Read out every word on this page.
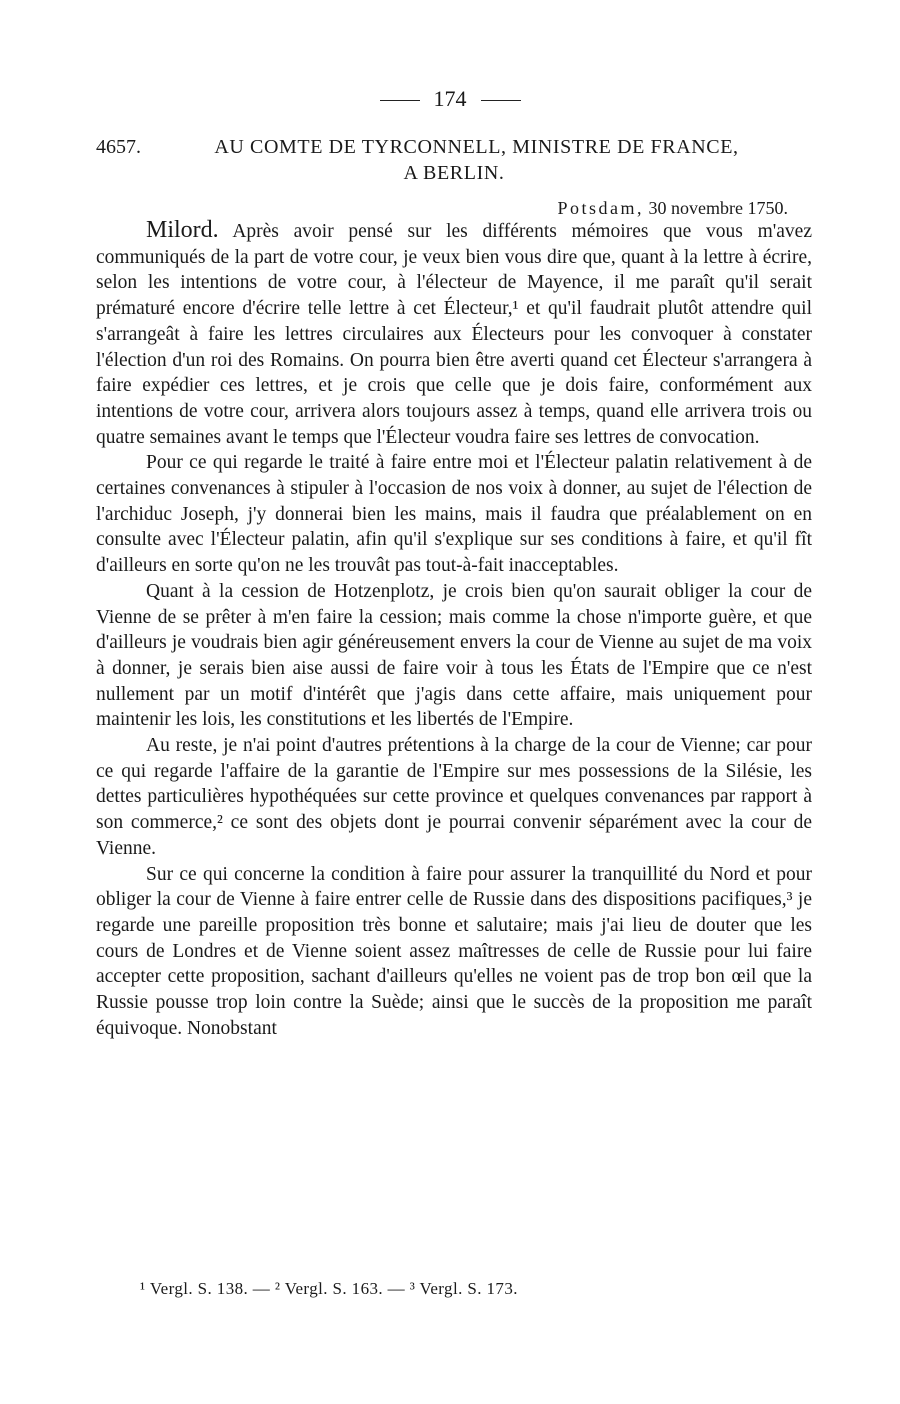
174
4657.	AU COMTE DE TYRCONNELL, MINISTRE DE FRANCE,
A BERLIN.
Potsdam, 30 novembre 1750.

Milord. Après avoir pensé sur les différents mémoires que vous m'avez communiqués de la part de votre cour, je veux bien vous dire que, quant à la lettre à écrire, selon les intentions de votre cour, à l'électeur de Mayence, il me paraît qu'il serait prématuré encore d'écrire telle lettre à cet Électeur,¹ et qu'il faudrait plutôt attendre quil s'arrangeât à faire les lettres circulaires aux Électeurs pour les convoquer à constater l'élection d'un roi des Romains. On pourra bien être averti quand cet Électeur s'arrangera à faire expédier ces lettres, et je crois que celle que je dois faire, conformément aux intentions de votre cour, arrivera alors toujours assez à temps, quand elle arrivera trois ou quatre semaines avant le temps que l'Électeur voudra faire ses lettres de convocation.

Pour ce qui regarde le traité à faire entre moi et l'Électeur palatin relativement à de certaines convenances à stipuler à l'occasion de nos voix à donner, au sujet de l'élection de l'archiduc Joseph, j'y donnerai bien les mains, mais il faudra que préalablement on en consulte avec l'Électeur palatin, afin qu'il s'explique sur ses conditions à faire, et qu'il fît d'ailleurs en sorte qu'on ne les trouvât pas tout-à-fait inacceptables.

Quant à la cession de Hotzenplotz, je crois bien qu'on saurait obliger la cour de Vienne de se prêter à m'en faire la cession; mais comme la chose n'importe guère, et que d'ailleurs je voudrais bien agir généreusement envers la cour de Vienne au sujet de ma voix à donner, je serais bien aise aussi de faire voir à tous les États de l'Empire que ce n'est nullement par un motif d'intérêt que j'agis dans cette affaire, mais uniquement pour maintenir les lois, les constitutions et les libertés de l'Empire.

Au reste, je n'ai point d'autres prétentions à la charge de la cour de Vienne; car pour ce qui regarde l'affaire de la garantie de l'Empire sur mes possessions de la Silésie, les dettes particulières hypothéquées sur cette province et quelques convenances par rapport à son commerce,² ce sont des objets dont je pourrai convenir séparément avec la cour de Vienne.

Sur ce qui concerne la condition à faire pour assurer la tranquillité du Nord et pour obliger la cour de Vienne à faire entrer celle de Russie dans des dispositions pacifiques,³ je regarde une pareille proposition très bonne et salutaire; mais j'ai lieu de douter que les cours de Londres et de Vienne soient assez maîtresses de celle de Russie pour lui faire accepter cette proposition, sachant d'ailleurs qu'elles ne voient pas de trop bon œil que la Russie pousse trop loin contre la Suède; ainsi que le succès de la proposition me paraît équivoque. Nonobstant

¹ Vergl. S. 138. — ² Vergl. S. 163. — ³ Vergl. S. 173.
